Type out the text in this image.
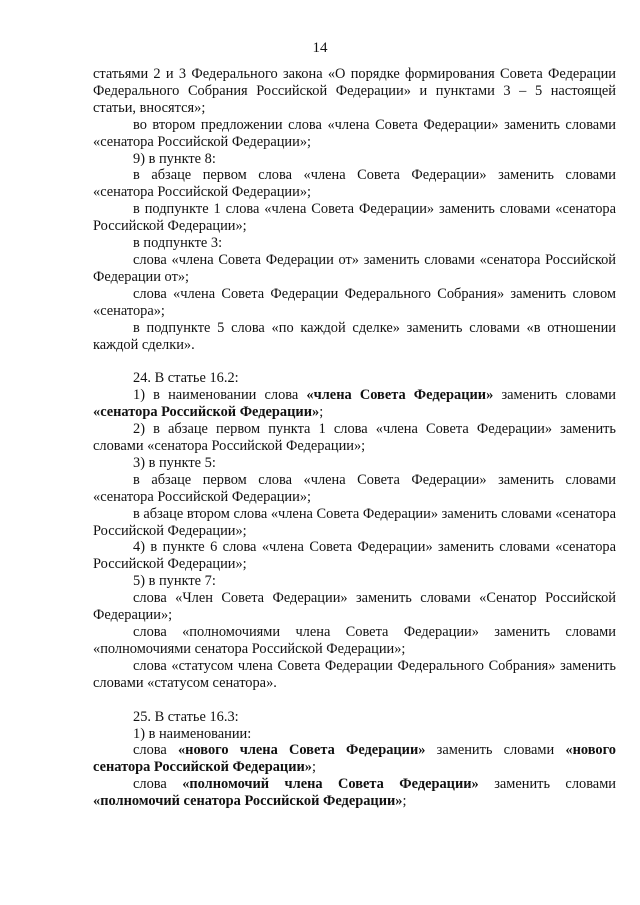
14

статьями 2 и 3 Федерального закона «О порядке формирования Совета Федерации Федерального Собрания Российской Федерации» и пунктами 3 – 5 настоящей статьи, вносятся»;

во втором предложении слова «члена Совета Федерации» заменить словами «сенатора Российской Федерации»;

9) в пункте 8:

в абзаце первом слова «члена Совета Федерации» заменить словами «сенатора Российской Федерации»;

в подпункте 1 слова «члена Совета Федерации» заменить словами «сенатора Российской Федерации»;

в подпункте 3:

слова «члена Совета Федерации от» заменить словами «сенатора Российской Федерации от»;

слова «члена Совета Федерации Федерального Собрания» заменить словом «сенатора»;

в подпункте 5 слова «по каждой сделке» заменить словами «в отношении каждой сделки».

24. В статье 16.2:

1) в наименовании слова «члена Совета Федерации» заменить словами «сенатора Российской Федерации»;

2) в абзаце первом пункта 1 слова «члена Совета Федерации» заменить словами «сенатора Российской Федерации»;

3) в пункте 5:

в абзаце первом слова «члена Совета Федерации» заменить словами «сенатора Российской Федерации»;

в абзаце втором слова «члена Совета Федерации» заменить словами «сенатора Российской Федерации»;

4) в пункте 6 слова «члена Совета Федерации» заменить словами «сенатора Российской Федерации»;

5) в пункте 7:

слова «Член Совета Федерации» заменить словами «Сенатор Российской Федерации»;

слова «полномочиями члена Совета Федерации» заменить словами «полномочиями сенатора Российской Федерации»;

слова «статусом члена Совета Федерации Федерального Собрания» заменить словами «статусом сенатора».

25. В статье 16.3:

1) в наименовании:

слова «нового члена Совета Федерации» заменить словами «нового сенатора Российской Федерации»;

слова «полномочий члена Совета Федерации» заменить словами «полномочий сенатора Российской Федерации»;
